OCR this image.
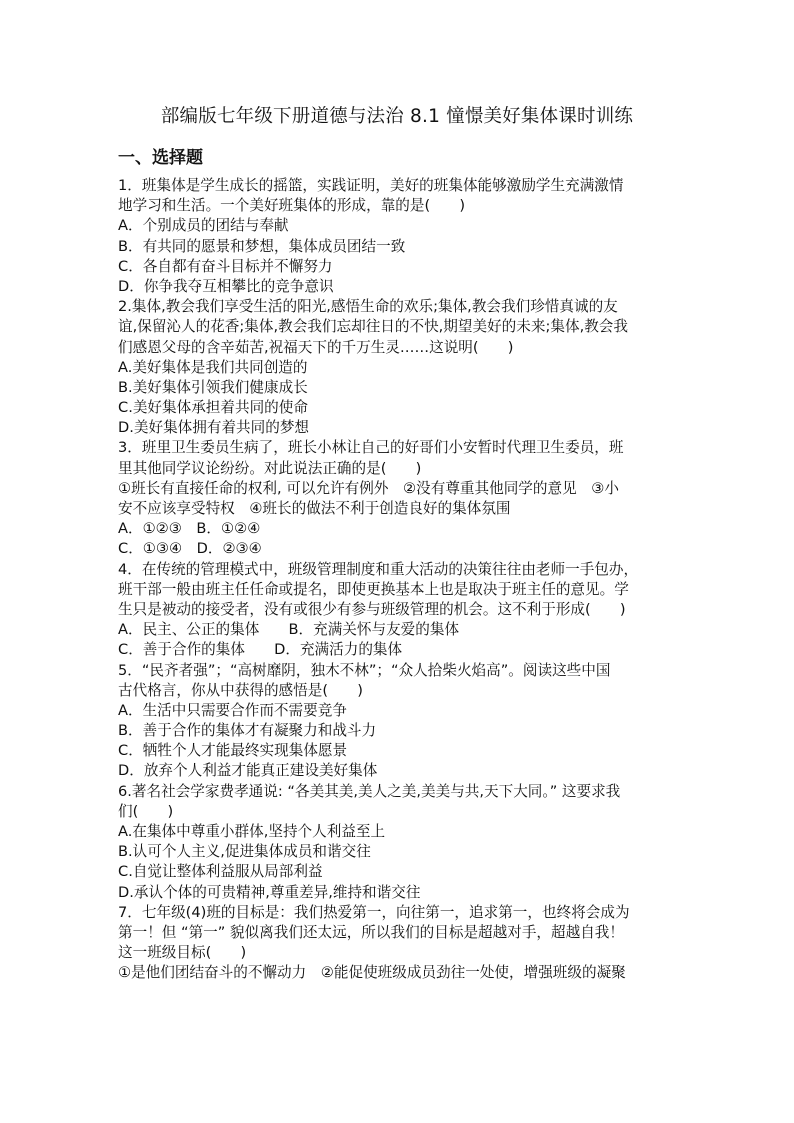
部编版七年级下册道德与法治 8.1 憧憬美好集体课时训练
一、选择题
1．班集体是学生成长的摇篮，实践证明，美好的班集体能够激励学生充满激情
地学习和生活。一个美好班集体的形成，靠的是(　　)
A．个别成员的团结与奉献
B．有共同的愿景和梦想，集体成员团结一致
C．各自都有奋斗目标并不懈努力
D．你争我夺互相攀比的竞争意识
2.集体,教会我们享受生活的阳光,感悟生命的欢乐;集体,教会我们珍惜真诚的友
谊,保留沁人的花香;集体,教会我们忘却往日的不快,期望美好的未来;集体,教会我
们感恩父母的含辛茹苦,祝福天下的千万生灵……这说明(　　)
A.美好集体是我们共同创造的
B.美好集体引领我们健康成长
C.美好集体承担着共同的使命
D.美好集体拥有着共同的梦想
3．班里卫生委员生病了，班长小林让自己的好哥们小安暂时代理卫生委员，班
里其他同学议论纷纷。对此说法正确的是(　　)
①班长有直接任命的权利, 可以允许有例外　②没有尊重其他同学的意见　③小
安不应该享受特权　④班长的做法不利于创造良好的集体氛围
A．①②③　B．①②④
C．①③④　D．②③④
4．在传统的管理模式中，班级管理制度和重大活动的决策往往由老师一手包办，
班干部一般由班主任任命或提名，即使更换基本上也是取决于班主任的意见。学
生只是被动的接受者，没有或很少有参与班级管理的机会。这不利于形成(　　)
A．民主、公正的集体　　B．充满关怀与友爱的集体
C．善于合作的集体　　D．充满活力的集体
5．“民齐者强”；“高树靡阴，独木不林”；“众人拾柴火焰高”。阅读这些中国
古代格言，你从中获得的感悟是(　　)
A．生活中只需要合作而不需要竞争
B．善于合作的集体才有凝聚力和战斗力
C．牺牲个人才能最终实现集体愿景
D．放弃个人利益才能真正建设美好集体
6.著名社会学家费孝通说: “各美其美,美人之美,美美与共,天下大同。” 这要求我
们(　　)
A.在集体中尊重小群体,坚持个人利益至上
B.认可个人主义,促进集体成员和谐交往
C.自觉让整体利益服从局部利益
D.承认个体的可贵精神,尊重差异,维持和谐交往
7．七年级(4)班的目标是：我们热爱第一，向往第一，追求第一，也终将会成为
第一！但 “第一” 貌似离我们还太远，所以我们的目标是超越对手，超越自我！
这一班级目标(　　)
①是他们团结奋斗的不懈动力　②能促使班级成员劲往一处使，增强班级的凝聚
